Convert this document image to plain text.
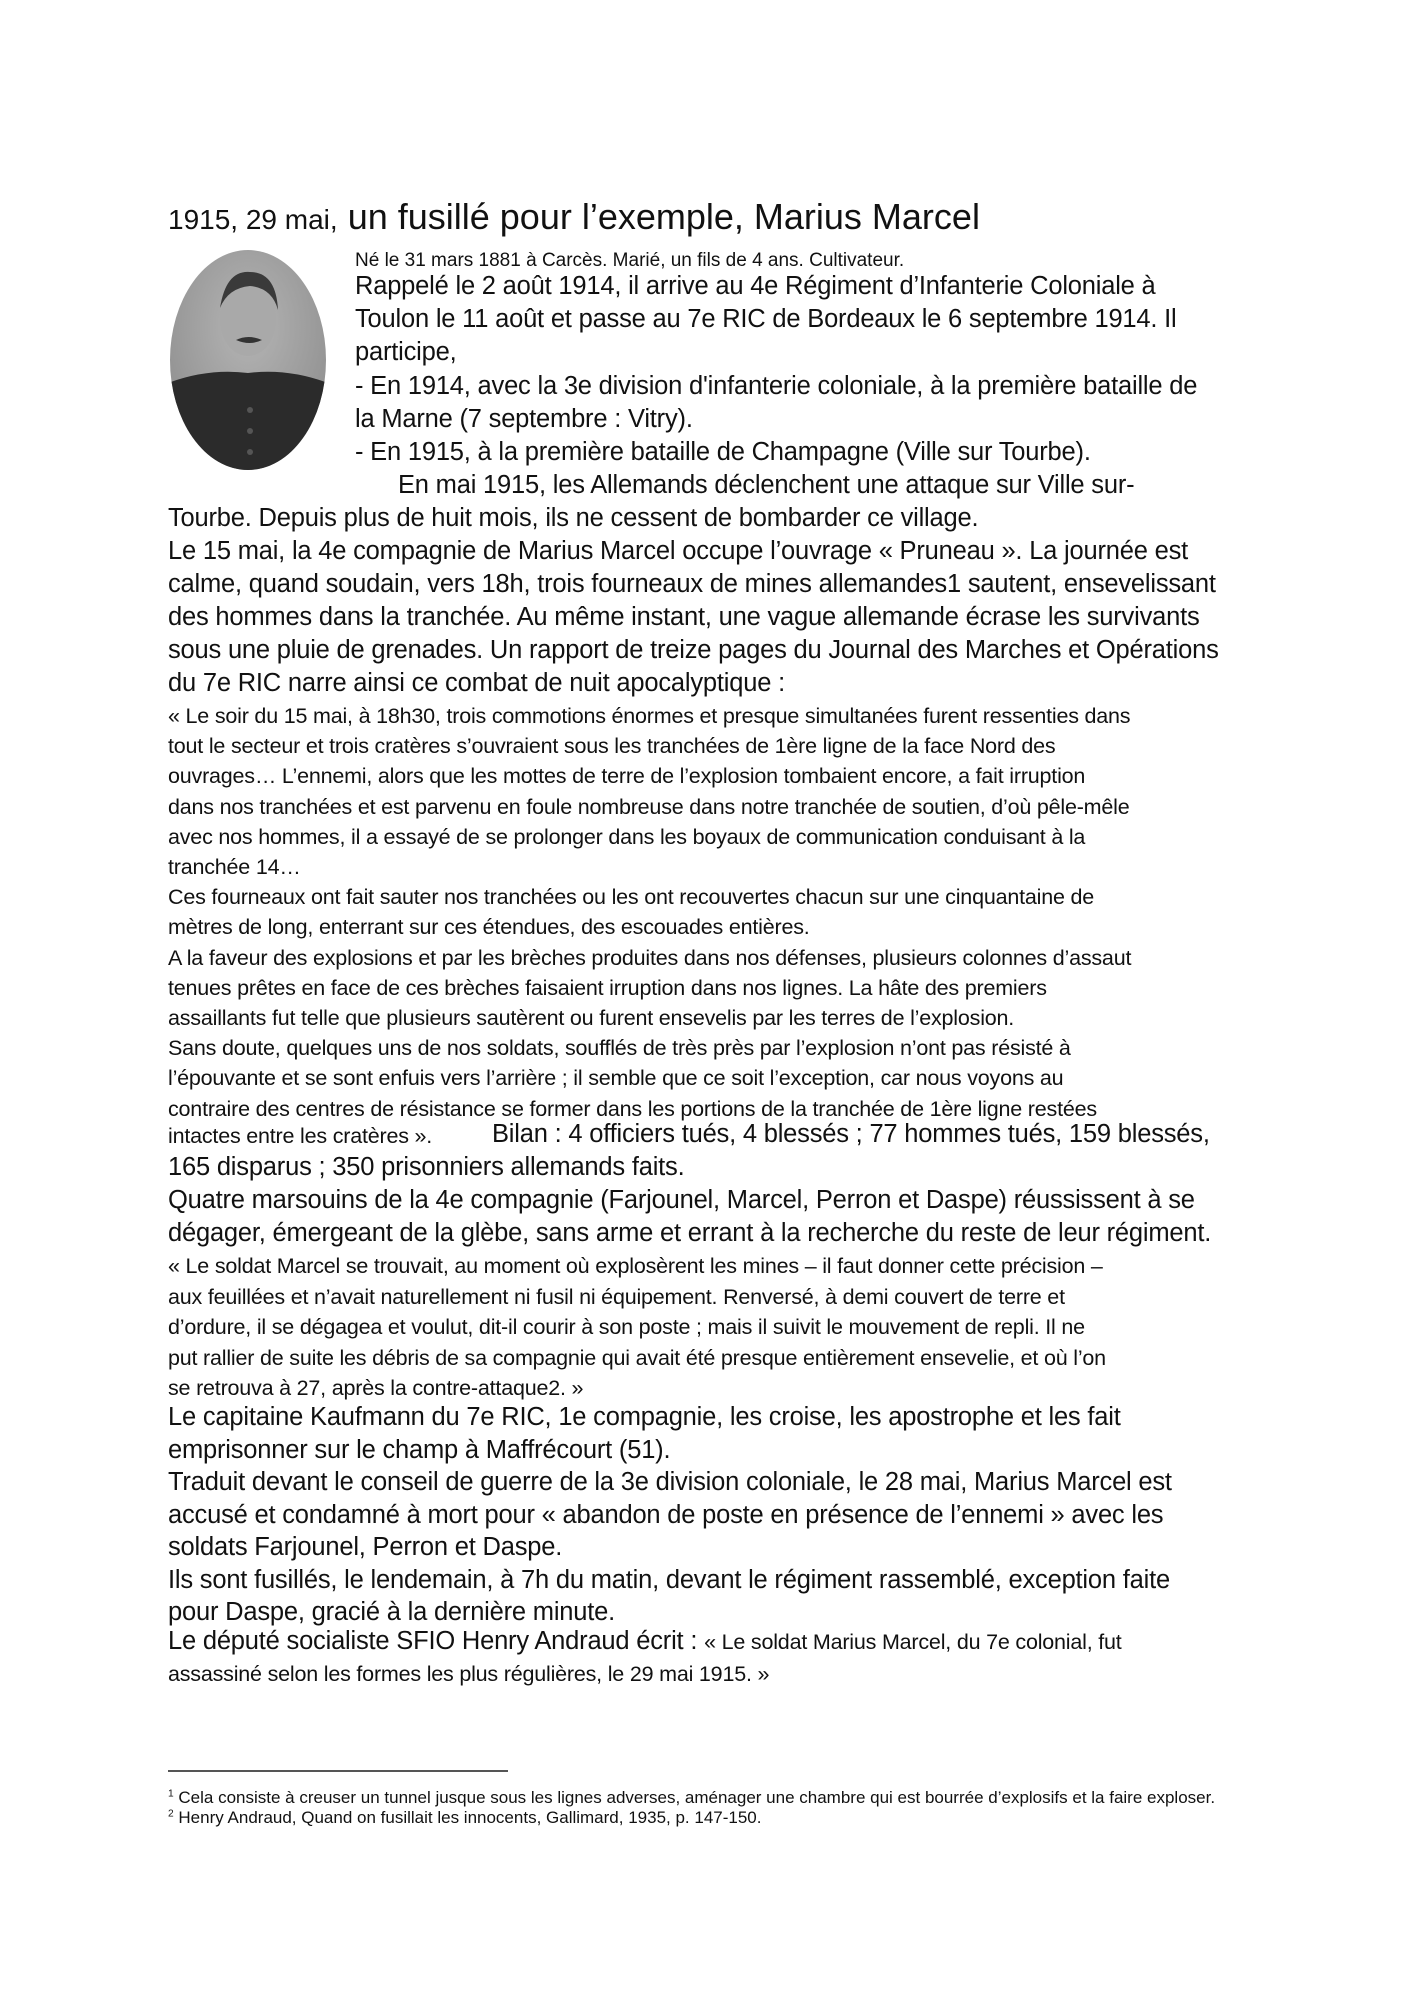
1915, 29 mai, un fusillé pour l’exemple, Marius Marcel
Né le 31 mars 1881 à Carcès. Marié, un fils de 4 ans. Cultivateur.
Rappelé le 2 août 1914, il arrive au 4e Régiment d’Infanterie Coloniale à
Toulon le 11 août et passe au 7e RIC de Bordeaux le 6 septembre 1914. Il
participe,
- En 1914, avec la 3e division d'infanterie coloniale, à la première bataille de
la Marne (7 septembre : Vitry).
- En 1915, à la première bataille de Champagne (Ville sur Tourbe).
En mai 1915, les Allemands déclenchent une attaque sur Ville sur-
Tourbe. Depuis plus de huit mois, ils ne cessent de bombarder ce village.
Le 15 mai, la 4e compagnie de Marius Marcel occupe l’ouvrage « Pruneau ». La journée est
calme, quand soudain, vers 18h, trois fourneaux de mines allemandes1 sautent, ensevelissant
des hommes dans la tranchée. Au même instant, une vague allemande écrase les survivants
sous une pluie de grenades. Un rapport de treize pages du Journal des Marches et Opérations
du 7e RIC narre ainsi ce combat de nuit apocalyptique :
« Le soir du 15 mai, à 18h30, trois commotions énormes et presque simultanées furent ressenties dans
tout le secteur et trois cratères s’ouvraient sous les tranchées de 1ère ligne de la face Nord des
ouvrages… L’ennemi, alors que les mottes de terre de l’explosion tombaient encore, a fait irruption
dans nos tranchées et est parvenu en foule nombreuse dans notre tranchée de soutien, d’où pêle-mêle
avec nos hommes, il a essayé de se prolonger dans les boyaux de communication conduisant à la
tranchée 14…
Ces fourneaux ont fait sauter nos tranchées ou les ont recouvertes chacun sur une cinquantaine de
mètres de long, enterrant sur ces étendues, des escouades entières.
A la faveur des explosions et par les brèches produites dans nos défenses, plusieurs colonnes d’assaut
tenues prêtes en face de ces brèches faisaient irruption dans nos lignes. La hâte des premiers
assaillants fut telle que plusieurs sautèrent ou furent ensevelis par les terres de l’explosion.
Sans doute, quelques uns de nos soldats, soufflés de très près par l’explosion n’ont pas résisté à
l’épouvante et se sont enfuis vers l’arrière ; il semble que ce soit l’exception, car nous voyons au
contraire des centres de résistance se former dans les portions de la tranchée de 1ère ligne restées
intactes entre les cratères ». Bilan : 4 officiers tués, 4 blessés ; 77 hommes tués, 159 blessés,
165 disparus ; 350 prisonniers allemands faits.
Quatre marsouins de la 4e compagnie (Farjounel, Marcel, Perron et Daspe) réussissent à se
dégager, émergeant de la glèbe, sans arme et errant à la recherche du reste de leur régiment.
« Le soldat Marcel se trouvait, au moment où explosèrent les mines – il faut donner cette précision –
aux feuillées et n’avait naturellement ni fusil ni équipement. Renversé, à demi couvert de terre et
d’ordure, il se dégagea et voulut, dit-il courir à son poste ; mais il suivit le mouvement de repli. Il ne
put rallier de suite les débris de sa compagnie qui avait été presque entièrement ensevelie, et où l’on
se retrouva à 27, après la contre-attaque2. »
Le capitaine Kaufmann du 7e RIC, 1e compagnie, les croise, les apostrophe et les fait
emprisonner sur le champ à Maffrécourt (51).
Traduit devant le conseil de guerre de la 3e division coloniale, le 28 mai, Marius Marcel est
accusé et condamné à mort pour « abandon de poste en présence de l’ennemi » avec les
soldats Farjounel, Perron et Daspe.
Ils sont fusillés, le lendemain, à 7h du matin, devant le régiment rassemblé, exception faite
pour Daspe, gracié à la dernière minute.
Le député socialiste SFIO Henry Andraud écrit : « Le soldat Marius Marcel, du 7e colonial, fut
assassiné selon les formes les plus régulières, le 29 mai 1915. »
$^1$ Cela consiste à creuser un tunnel jusque sous les lignes adverses, aménager une chambre qui est bourrée d’explosifs et la faire exploser.
$^2$ Henry Andraud, Quand on fusillait les innocents, Gallimard, 1935, p. 147-150.
